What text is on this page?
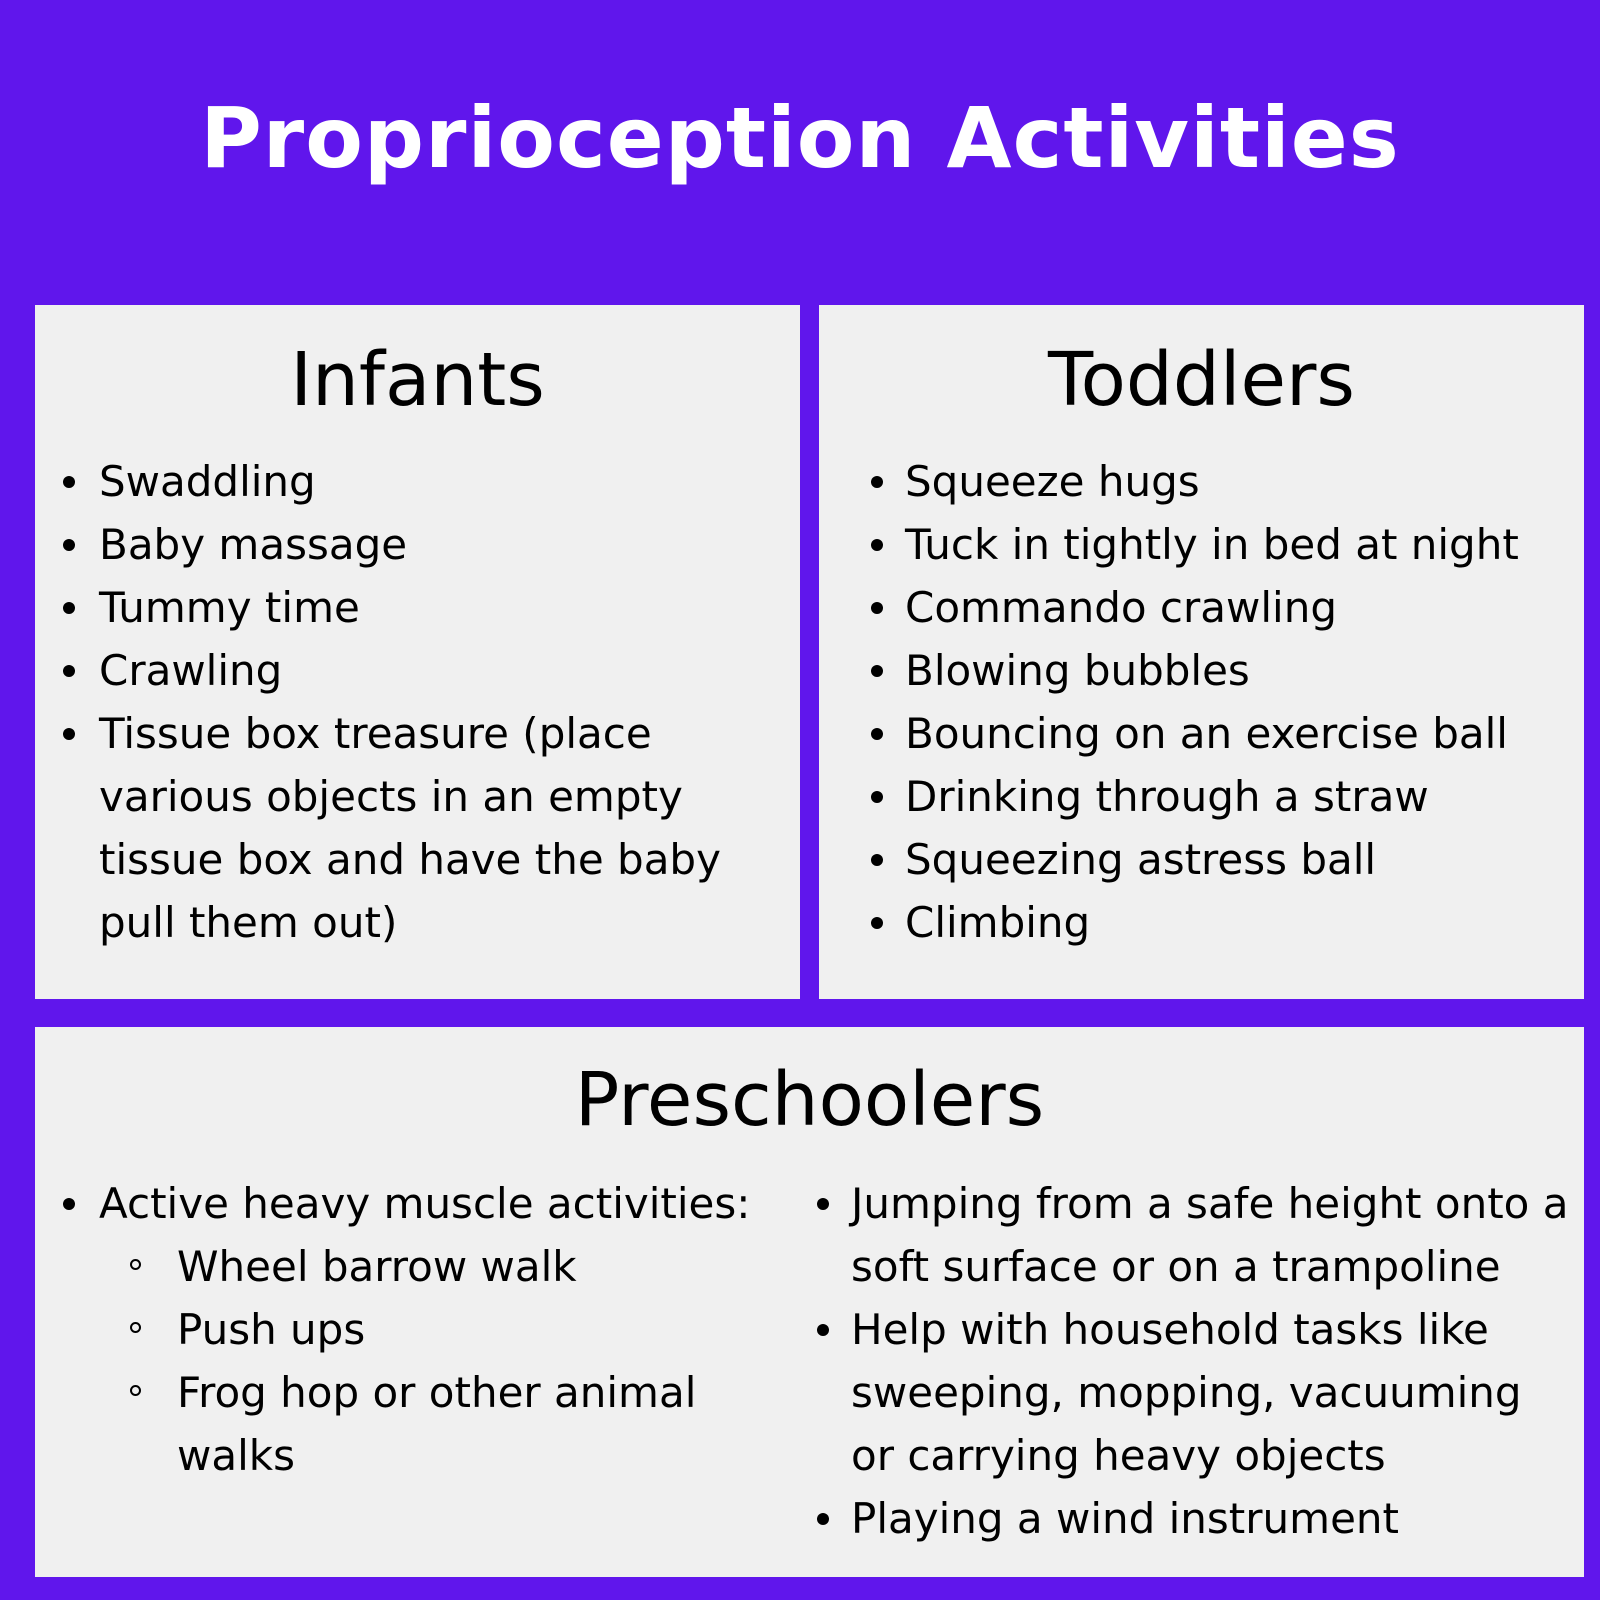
Proprioception Activities
Infants
Swaddling
Baby massage
Tummy time
Crawling
Tissue box treasure (place various objects in an empty tissue box and have the baby pull them out)
Toddlers
Squeeze hugs
Tuck in tightly in bed at night
Commando crawling
Blowing bubbles
Bouncing on an exercise ball
Drinking through a straw
Squeezing astress ball
Climbing
Preschoolers
Active heavy muscle activities:
Wheel barrow walk
Push ups
Frog hop or other animal walks
Jumping from a safe height onto a soft surface or on a trampoline
Help with household tasks like sweeping, mopping, vacuuming or carrying heavy objects
Playing a wind instrument
